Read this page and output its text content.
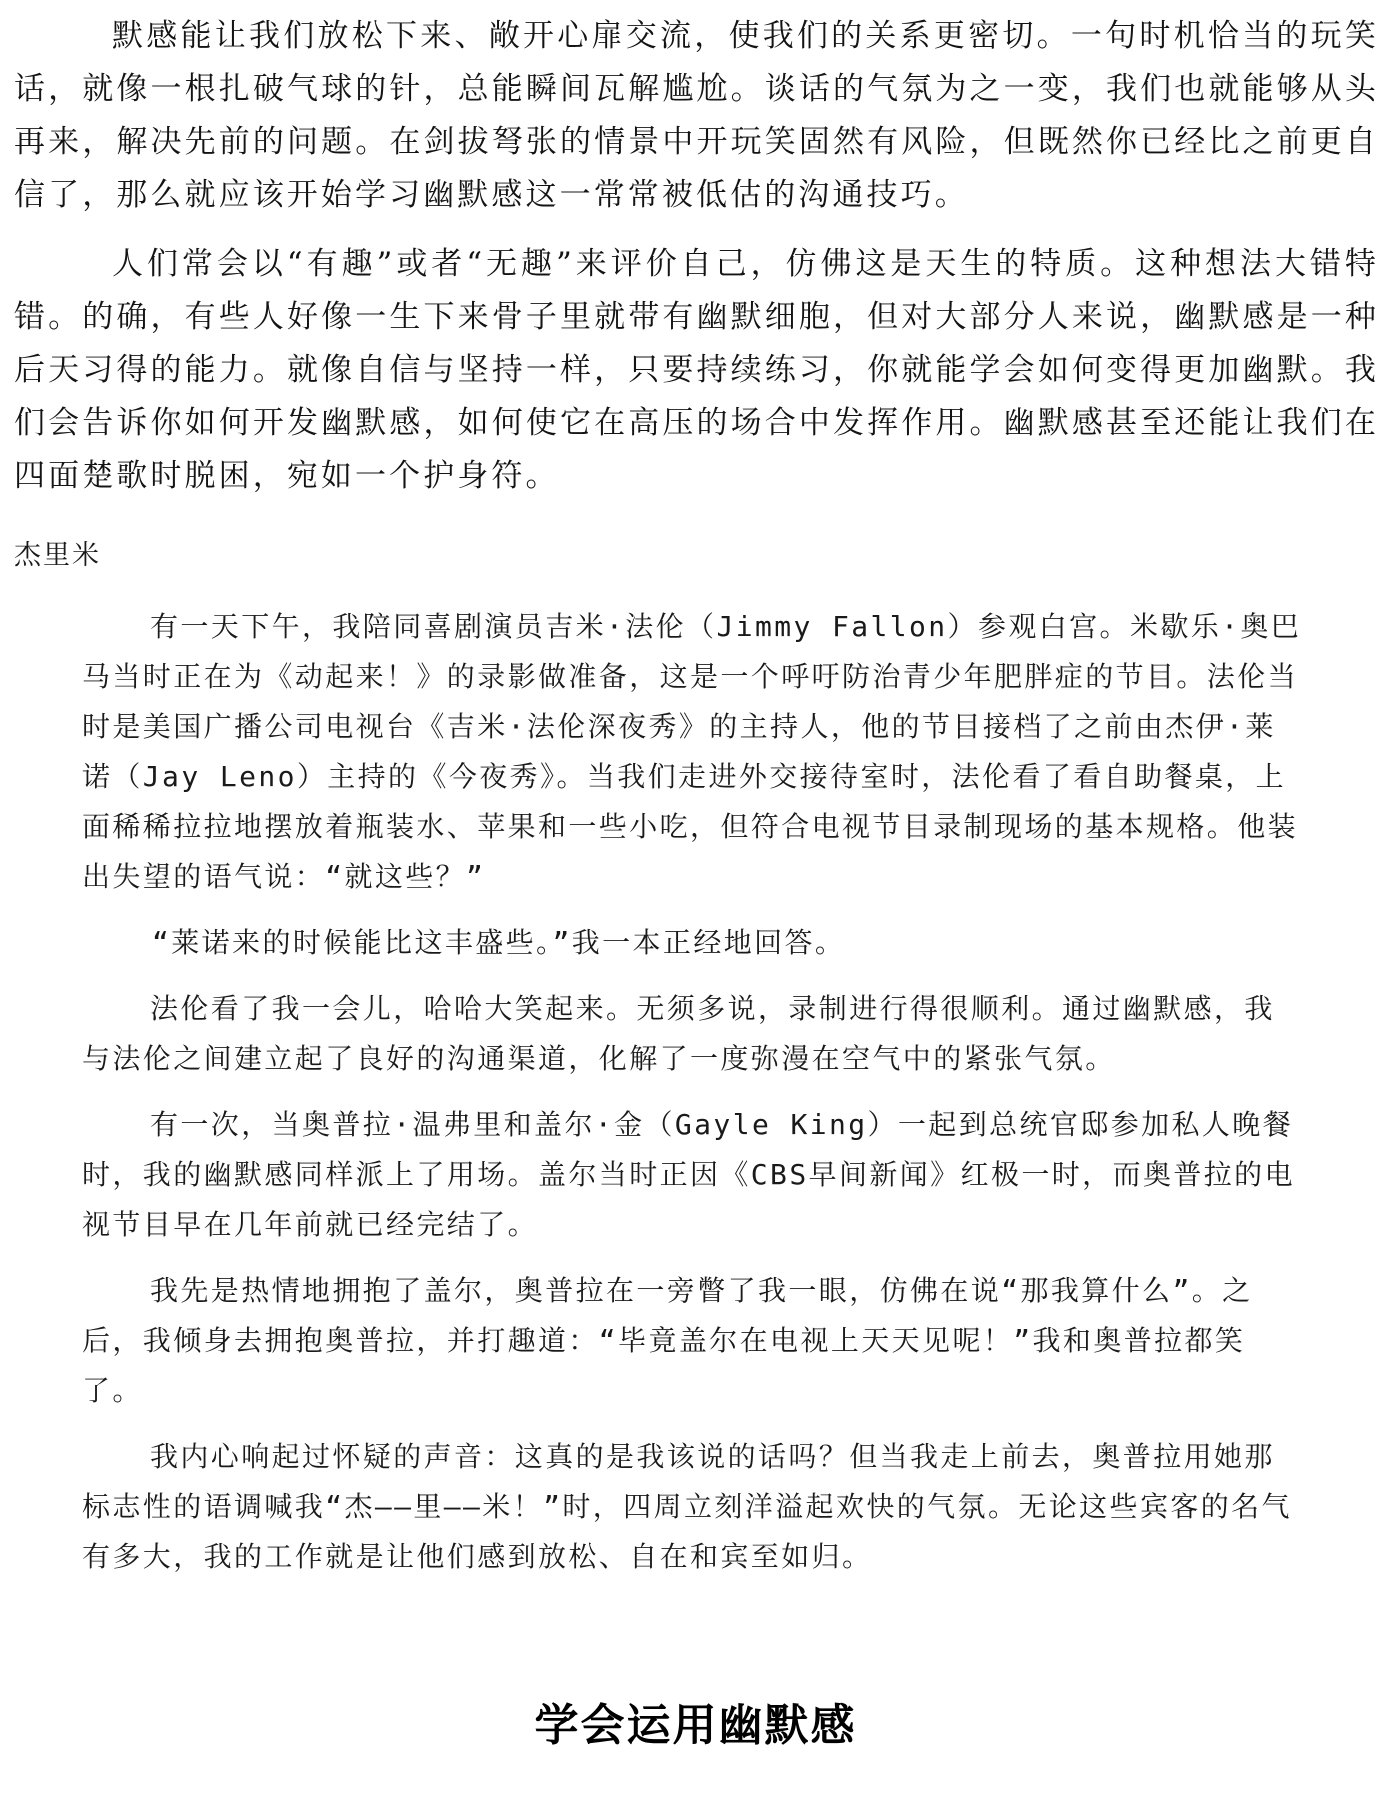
默感能让我们放松下来、敞开心扉交流，使我们的关系更密切。一句时机恰当的玩笑话，就像一根扎破气球的针，总能瞬间瓦解尴尬。谈话的气氛为之一变，我们也就能够从头再来，解决先前的问题。在剑拔弩张的情景中开玩笑固然有风险，但既然你已经比之前更自信了，那么就应该开始学习幽默感这一常常被低估的沟通技巧。

人们常会以“有趣”或者“无趣”来评价自己，仿佛这是天生的特质。这种想法大错特错。的确，有些人好像一生下来骨子里就带有幽默细胞，但对大部分人来说，幽默感是一种后天习得的能力。就像自信与坚持一样，只要持续练习，你就能学会如何变得更加幽默。我们会告诉你如何开发幽默感，如何使它在高压的场合中发挥作用。幽默感甚至还能让我们在四面楚歌时脱困，宛如一个护身符。

杰里米

有一天下午，我陪同喜剧演员吉米·法伦（Jimmy Fallon）参观白宫。米歇乐·奥巴马当时正在为《动起来！》的录影做准备，这是一个呼吁防治青少年肥胖症的节目。法伦当时是美国广播公司电视台《吉米·法伦深夜秀》的主持人，他的节目接档了之前由杰伊·莱诺（Jay Leno）主持的《今夜秀》。当我们走进外交接待室时，法伦看了看自助餐桌，上面稀稀拉拉地摆放着瓶装水、苹果和一些小吃，但符合电视节目录制现场的基本规格。他装出失望的语气说：“就这些？”

“莱诺来的时候能比这丰盛些。”我一本正经地回答。

法伦看了我一会儿，哈哈大笑起来。无须多说，录制进行得很顺利。通过幽默感，我与法伦之间建立起了良好的沟通渠道，化解了一度弥漫在空气中的紧张气氛。

有一次，当奥普拉·温弗里和盖尔·金（Gayle King）一起到总统官邸参加私人晚餐时，我的幽默感同样派上了用场。盖尔当时正因《CBS早间新闻》红极一时，而奥普拉的电视节目早在几年前就已经完结了。

我先是热情地拥抱了盖尔，奥普拉在一旁瞥了我一眼，仿佛在说“那我算什么”。之后，我倾身去拥抱奥普拉，并打趣道：“毕竟盖尔在电视上天天见呢！”我和奥普拉都笑了。

我内心响起过怀疑的声音：这真的是我该说的话吗？但当我走上前去，奥普拉用她那标志性的语调喊我“杰——里——米！”时，四周立刻洋溢起欢快的气氛。无论这些宾客的名气有多大，我的工作就是让他们感到放松、自在和宾至如归。

学会运用幽默感
